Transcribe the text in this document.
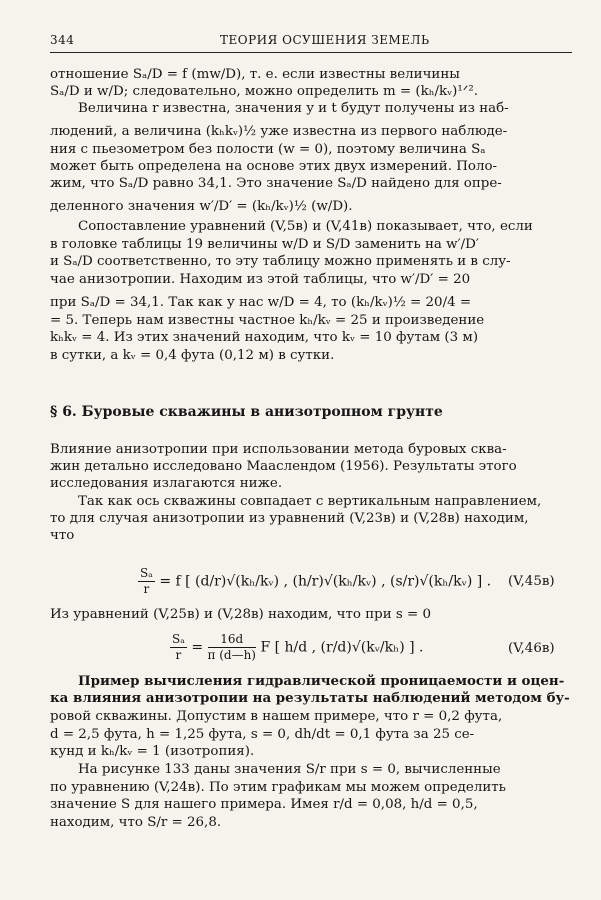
344	ТЕОРИЯ ОСУШЕНИЯ ЗЕМЕЛЬ
отношение Sₐ/D = f (mw/D), т. е. если известны величины
Sₐ/D и w/D; следовательно, можно определить m = (kₕ/kᵥ)¹ᐟ².
Величина r известна, значения y и t будут получены из наб-
людений, а величина (kₕkᵥ)½ уже известна из первого наблюде-
ния с пьезометром без полости (w = 0), поэтому величина Sₐ
может быть определена на основе этих двух измерений. Поло-
жим, что Sₐ/D равно 34,1. Это значение Sₐ/D найдено для опре-
деленного значения w′/D′ = (kₕ/kᵥ)½ (w/D).
Сопоставление уравнений (V,5в) и (V,41в) показывает, что, если
в головке таблицы 19 величины w/D и S/D заменить на w′/D′
и Sₐ/D соответственно, то эту таблицу можно применять и в слу-
чае анизотропии. Находим из этой таблицы, что w′/D′ = 20
при Sₐ/D = 34,1. Так как у нас w/D = 4, то (kₕ/kᵥ)½ = 20/4 =
= 5. Теперь нам известны частное kₕ/kᵥ = 25 и произведение
kₕkᵥ = 4. Из этих значений находим, что kᵥ = 10 футам (3 м)
в сутки, а kᵥ = 0,4 фута (0,12 м) в сутки.
§ 6. Буровые скважины в анизотропном грунте
Влияние анизотропии при использовании метода буровых сква-
жин детально исследовано Мааслендом (1956). Результаты этого
исследования излагаются ниже.
Так как ось скважины совпадает с вертикальным направлением,
то для случая анизотропии из уравнений (V,23в) и (V,28в) находим,
что
$\frac{\text{Sₐ}}{r} = f$ [ (d/r)√(kₕ/kᵥ) , (h/r)√(kₕ/kᵥ) , (s/r)√(kₕ/kᵥ) ] . (V,45в)
Из уравнений (V,25в) и (V,28в) находим, что при s = 0
$\frac{\text{Sₐ}}{r} = \frac{16d}{\pi (d—h)}$ F [ h/d , (r/d)√(kᵥ/kₕ) ] .	(V,46в)
Пример вычисления гидравлической проницаемости и оцен-
ка влияния анизотропии на результаты наблюдений методом бу-
ровой скважины. Допустим в нашем примере, что r = 0,2 фута,
d = 2,5 фута, h = 1,25 фута, s = 0, dh/dt = 0,1 фута за 25 се-
кунд и kₕ/kᵥ = 1 (изотропия).
На рисунке 133 даны значения S/r при s = 0, вычисленные
по уравнению (V,24в). По этим графикам мы можем определить
значение S для нашего примера. Имея r/d = 0,08, h/d = 0,5,
находим, что S/r = 26,8.
